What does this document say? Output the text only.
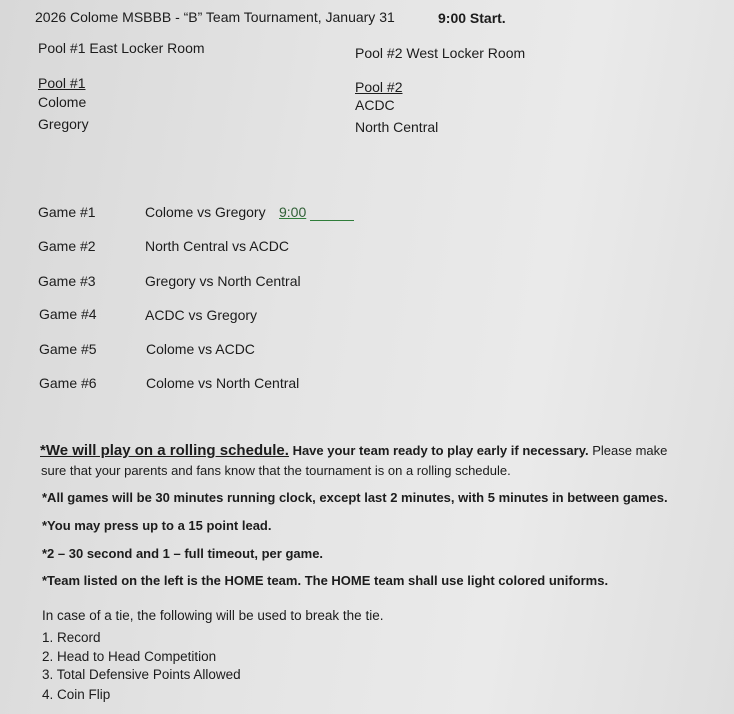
2026 Colome MSBBB - “B” Team Tournament, January 31	9:00 Start.
Pool #1 East Locker Room	Pool #2 West Locker Room
Pool #1
Colome
Gregory
Pool #2
ACDC
North Central
Game #1	Colome vs Gregory 9:00
Game #2	North Central vs ACDC
Game #3	Gregory vs North Central
Game #4	ACDC vs Gregory
Game #5	Colome vs ACDC
Game #6	Colome vs North Central
*We will play on a rolling schedule. Have your team ready to play early if necessary. Please make
sure that your parents and fans know that the tournament is on a rolling schedule.
*All games will be 30 minutes running clock, except last 2 minutes, with 5 minutes in between games.
*You may press up to a 15 point lead.
*2 – 30 second and 1 – full timeout, per game.
*Team listed on the left is the HOME team. The HOME team shall use light colored uniforms.
In case of a tie, the following will be used to break the tie.
1. Record
2. Head to Head Competition
3. Total Defensive Points Allowed
4. Coin Flip
